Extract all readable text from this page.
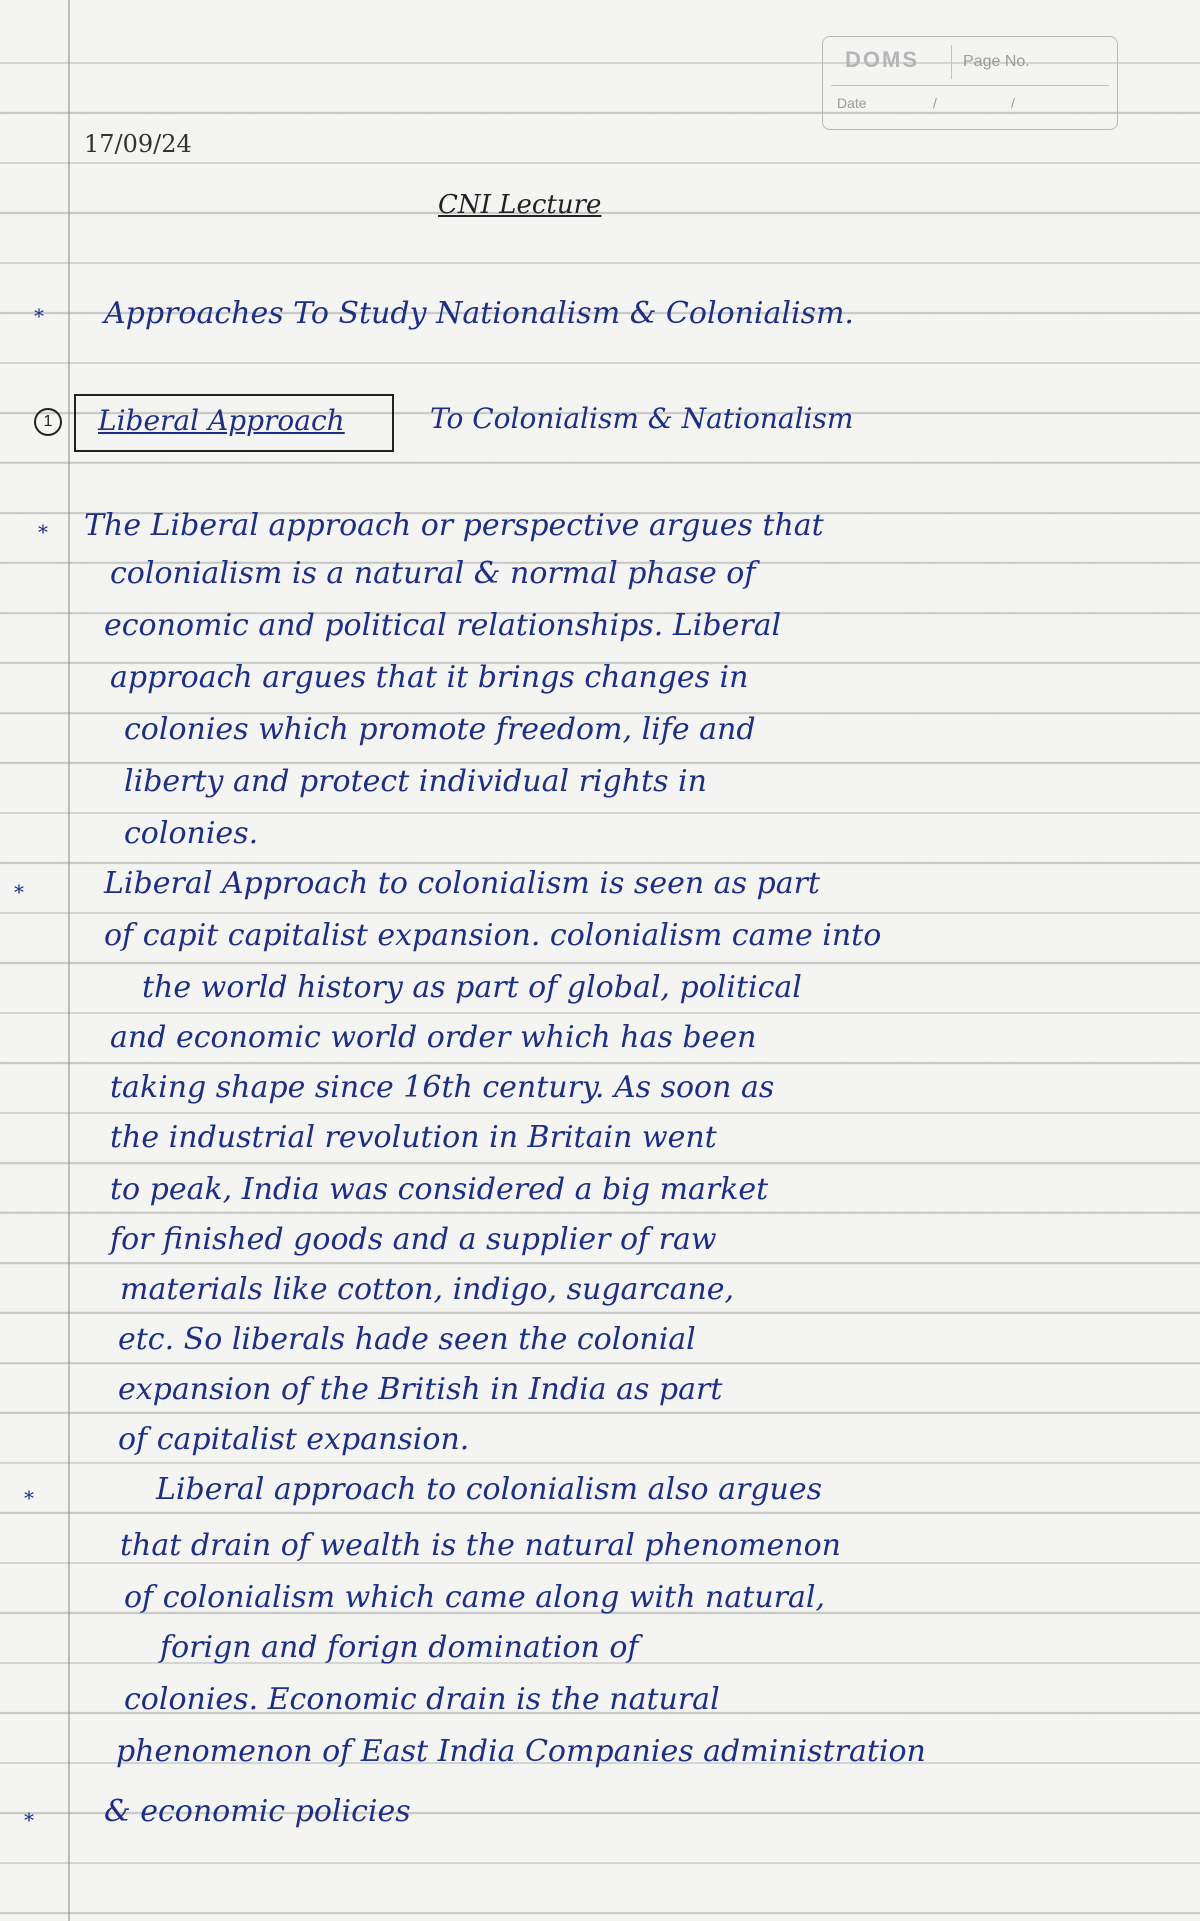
DOMS	Page No.
Date	/	/
17/09/24
CNI Lecture
* Approaches To Study Nationalism & Colonialism.
1	Liberal Approach	To Colonialism & Nationalism
* The Liberal approach or perspective argues that
colonialism is a natural & normal phase of
economic and political relationships. Liberal
approach argues that it brings changes in
colonies which promote freedom, life and
liberty and protect individual rights in
colonies.
*	Liberal Approach to colonialism is seen as part
of capit capitalist expansion. colonialism came into
the world history as part of global, political
and economic world order which has been
taking shape since 16th century. As soon as
the industrial revolution in Britain went
to peak, India was considered a big market
for finished goods and a supplier of raw
materials like cotton, indigo, sugarcane,
etc. So liberals hade seen the colonial
expansion of the British in India as part
of capitalist expansion.
*	Liberal approach to colonialism also argues
that drain of wealth is the natural phenomenon
of colonialism which came along with natural,
forign and forign domination of
colonies. Economic drain is the natural
phenomenon of East India Companies administration
* & economic policies
